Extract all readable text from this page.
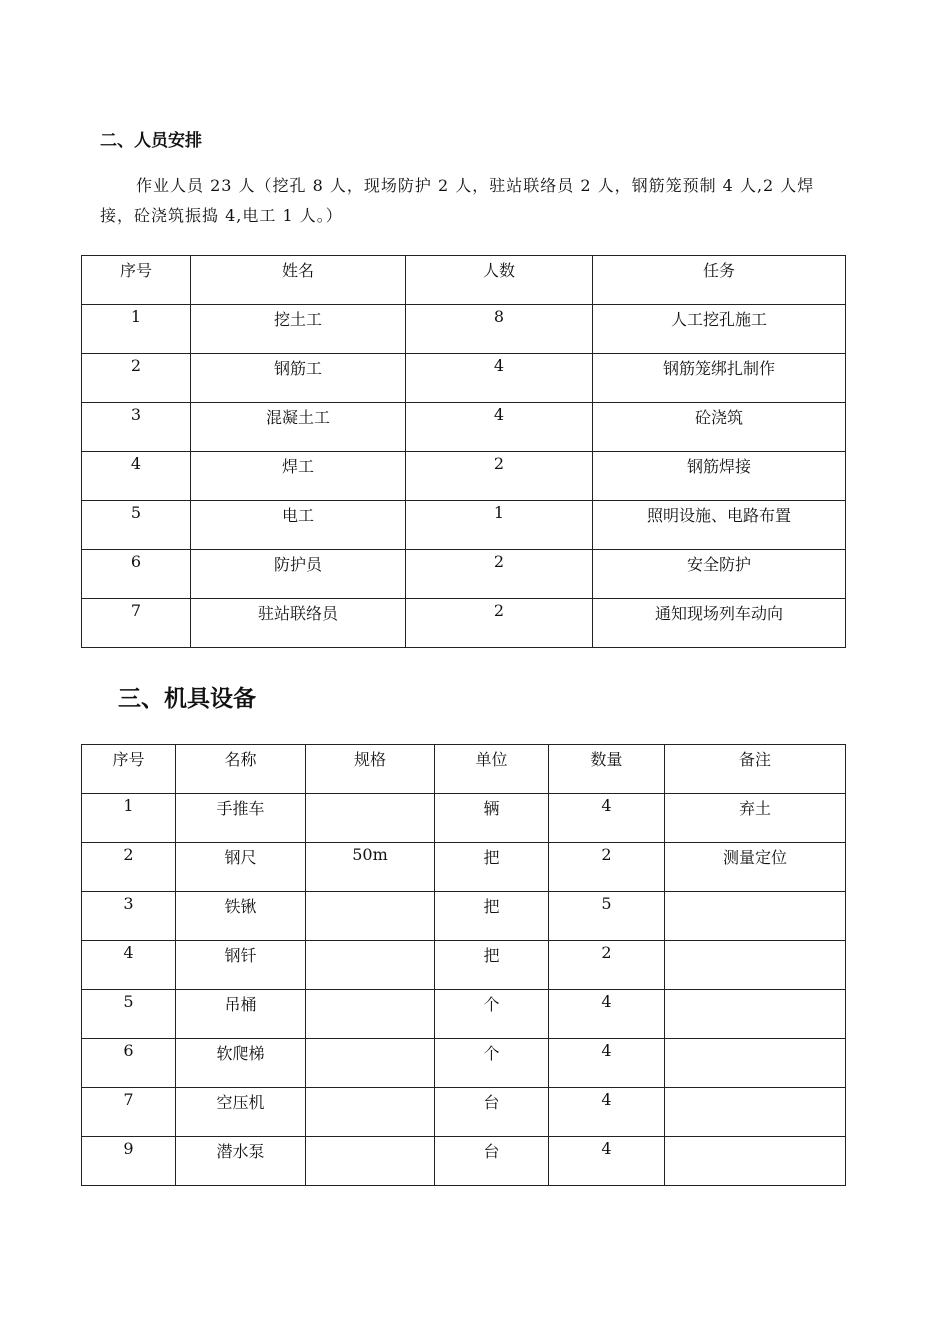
二、人员安排
作业人员 23 人（挖孔 8 人，现场防护 2 人，驻站联络员 2 人，钢筋笼预制 4 人,2 人焊
接，砼浇筑振捣 4,电工 1 人。）
序号	姓名	人数	任务
1	挖土工	8	人工挖孔施工
2	钢筋工	4	钢筋笼绑扎制作
3	混凝土工	4	砼浇筑
4	焊工	2	钢筋焊接
5	电工	1	照明设施、电路布置
6	防护员	2	安全防护
7	驻站联络员	2	通知现场列车动向
三、机具设备
序号	名称	规格	单位	数量	备注
1	手推车		辆	4	弃土
2	钢尺	50m	把	2	测量定位
3	铁锹		把	5	
4	钢钎		把	2	
5	吊桶		个	4	
6	软爬梯		个	4	
7	空压机		台	4	
9	潜水泵		台	4	
